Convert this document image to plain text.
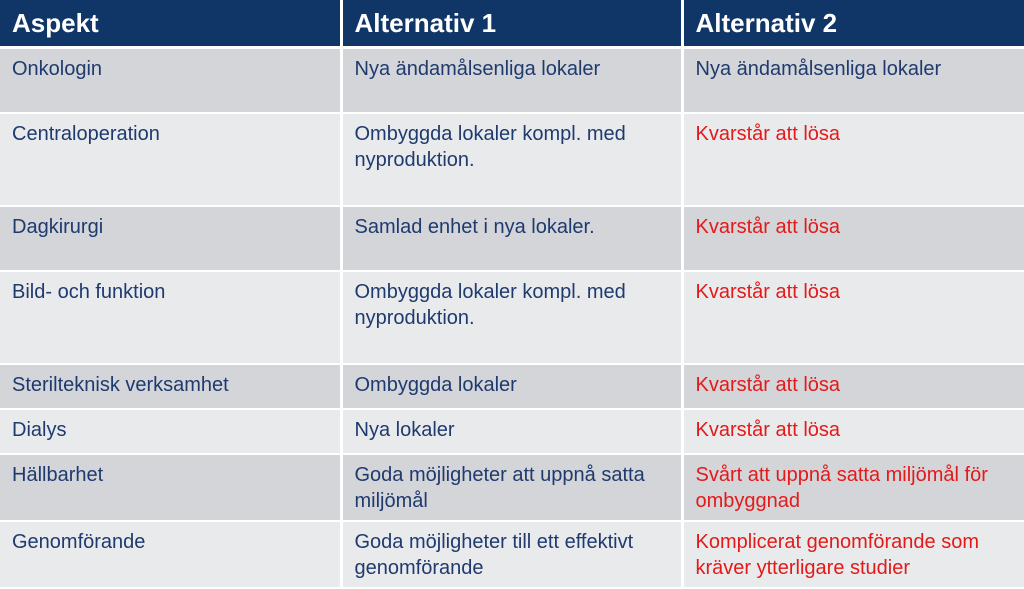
Aspekt	Alternativ 1	Alternativ 2
Onkologin	Nya ändamålsenliga lokaler	Nya ändamålsenliga lokaler
Centraloperation	Ombyggda lokaler kompl. med nyproduktion.	Kvarstår att lösa
Dagkirurgi	Samlad enhet i nya lokaler.	Kvarstår att lösa
Bild- och funktion	Ombyggda lokaler kompl. med nyproduktion.	Kvarstår att lösa
Sterilteknisk verksamhet	Ombyggda lokaler	Kvarstår att lösa
Dialys	Nya lokaler	Kvarstår att lösa
Hällbarhet	Goda möjligheter att uppnå satta miljömål	Svårt att uppnå satta miljömål för ombyggnad
Genomförande	Goda möjligheter till ett effektivt genomförande	Komplicerat genomförande som kräver ytterligare studier
